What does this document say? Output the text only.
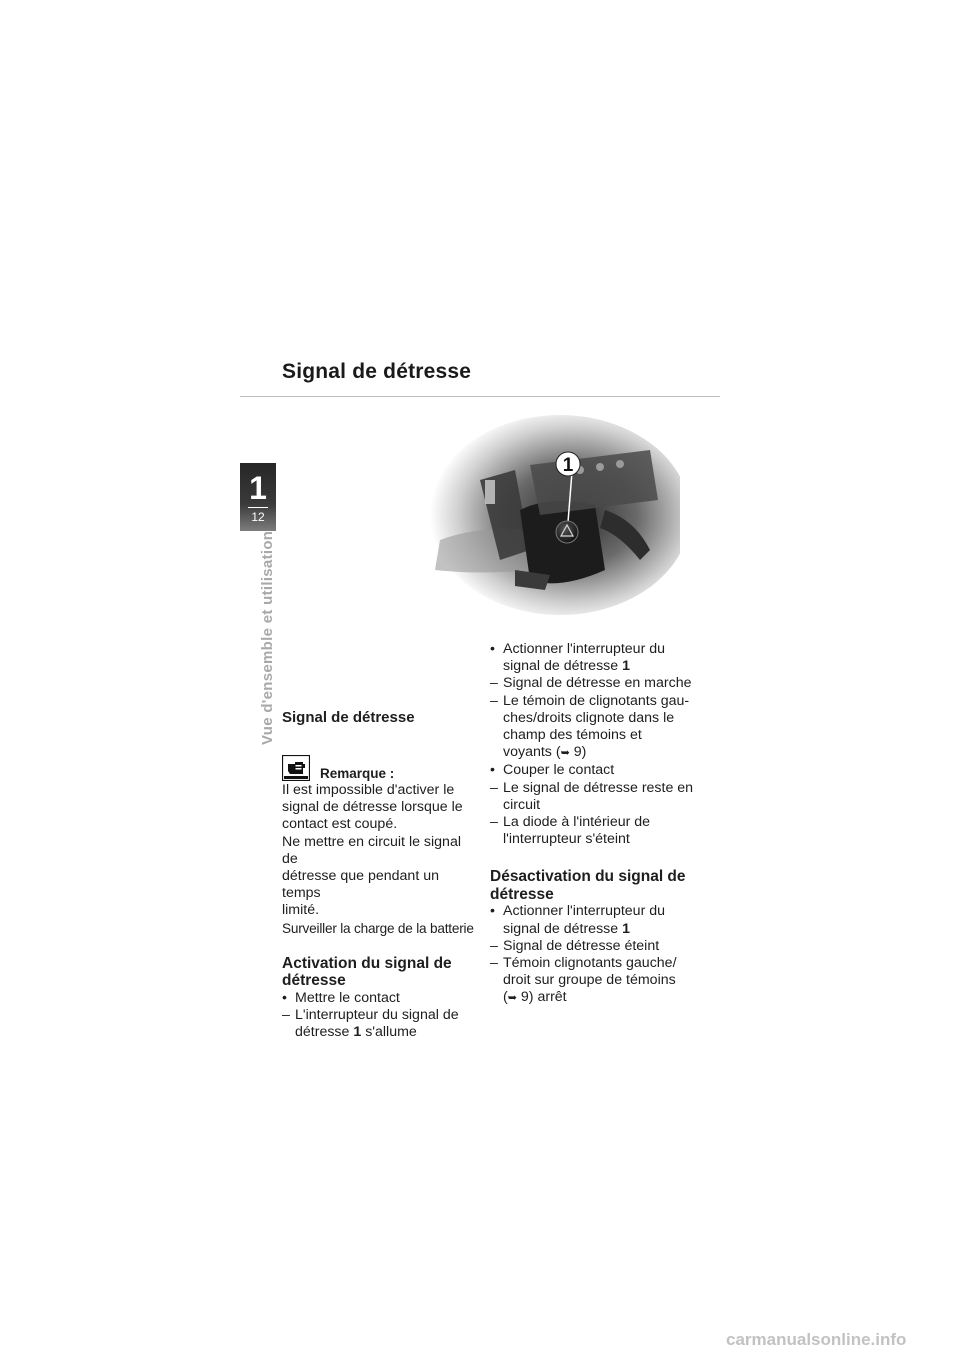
Signal de détresse
1
12
Vue d'ensemble et utilisation
1
Signal de détresse
Remarque :

Il est impossible d'activer le

signal de détresse lorsque le

contact est coupé.

Ne mettre en circuit le signal de

détresse que pendant un temps

limité.

Surveiller la charge de la batterie

Activation du signal de

détresse

• Mettre le contact
– L'interrupteur du signal de
détresse 1 s'allume
• Actionner l'interrupteur du
signal de détresse 1
– Signal de détresse en marche
– Le témoin de clignotants gau-
ches/droits clignote dans le
champ des témoins et
voyants (➥ 9)
• Couper le contact
– Le signal de détresse reste en
circuit
– La diode à l'intérieur de
l'interrupteur s'éteint

Désactivation du signal de

détresse

• Actionner l'interrupteur du
signal de détresse 1
– Signal de détresse éteint
– Témoin clignotants gauche/
droit sur groupe de témoins
(➥ 9) arrêt
carmanualsonline.info
